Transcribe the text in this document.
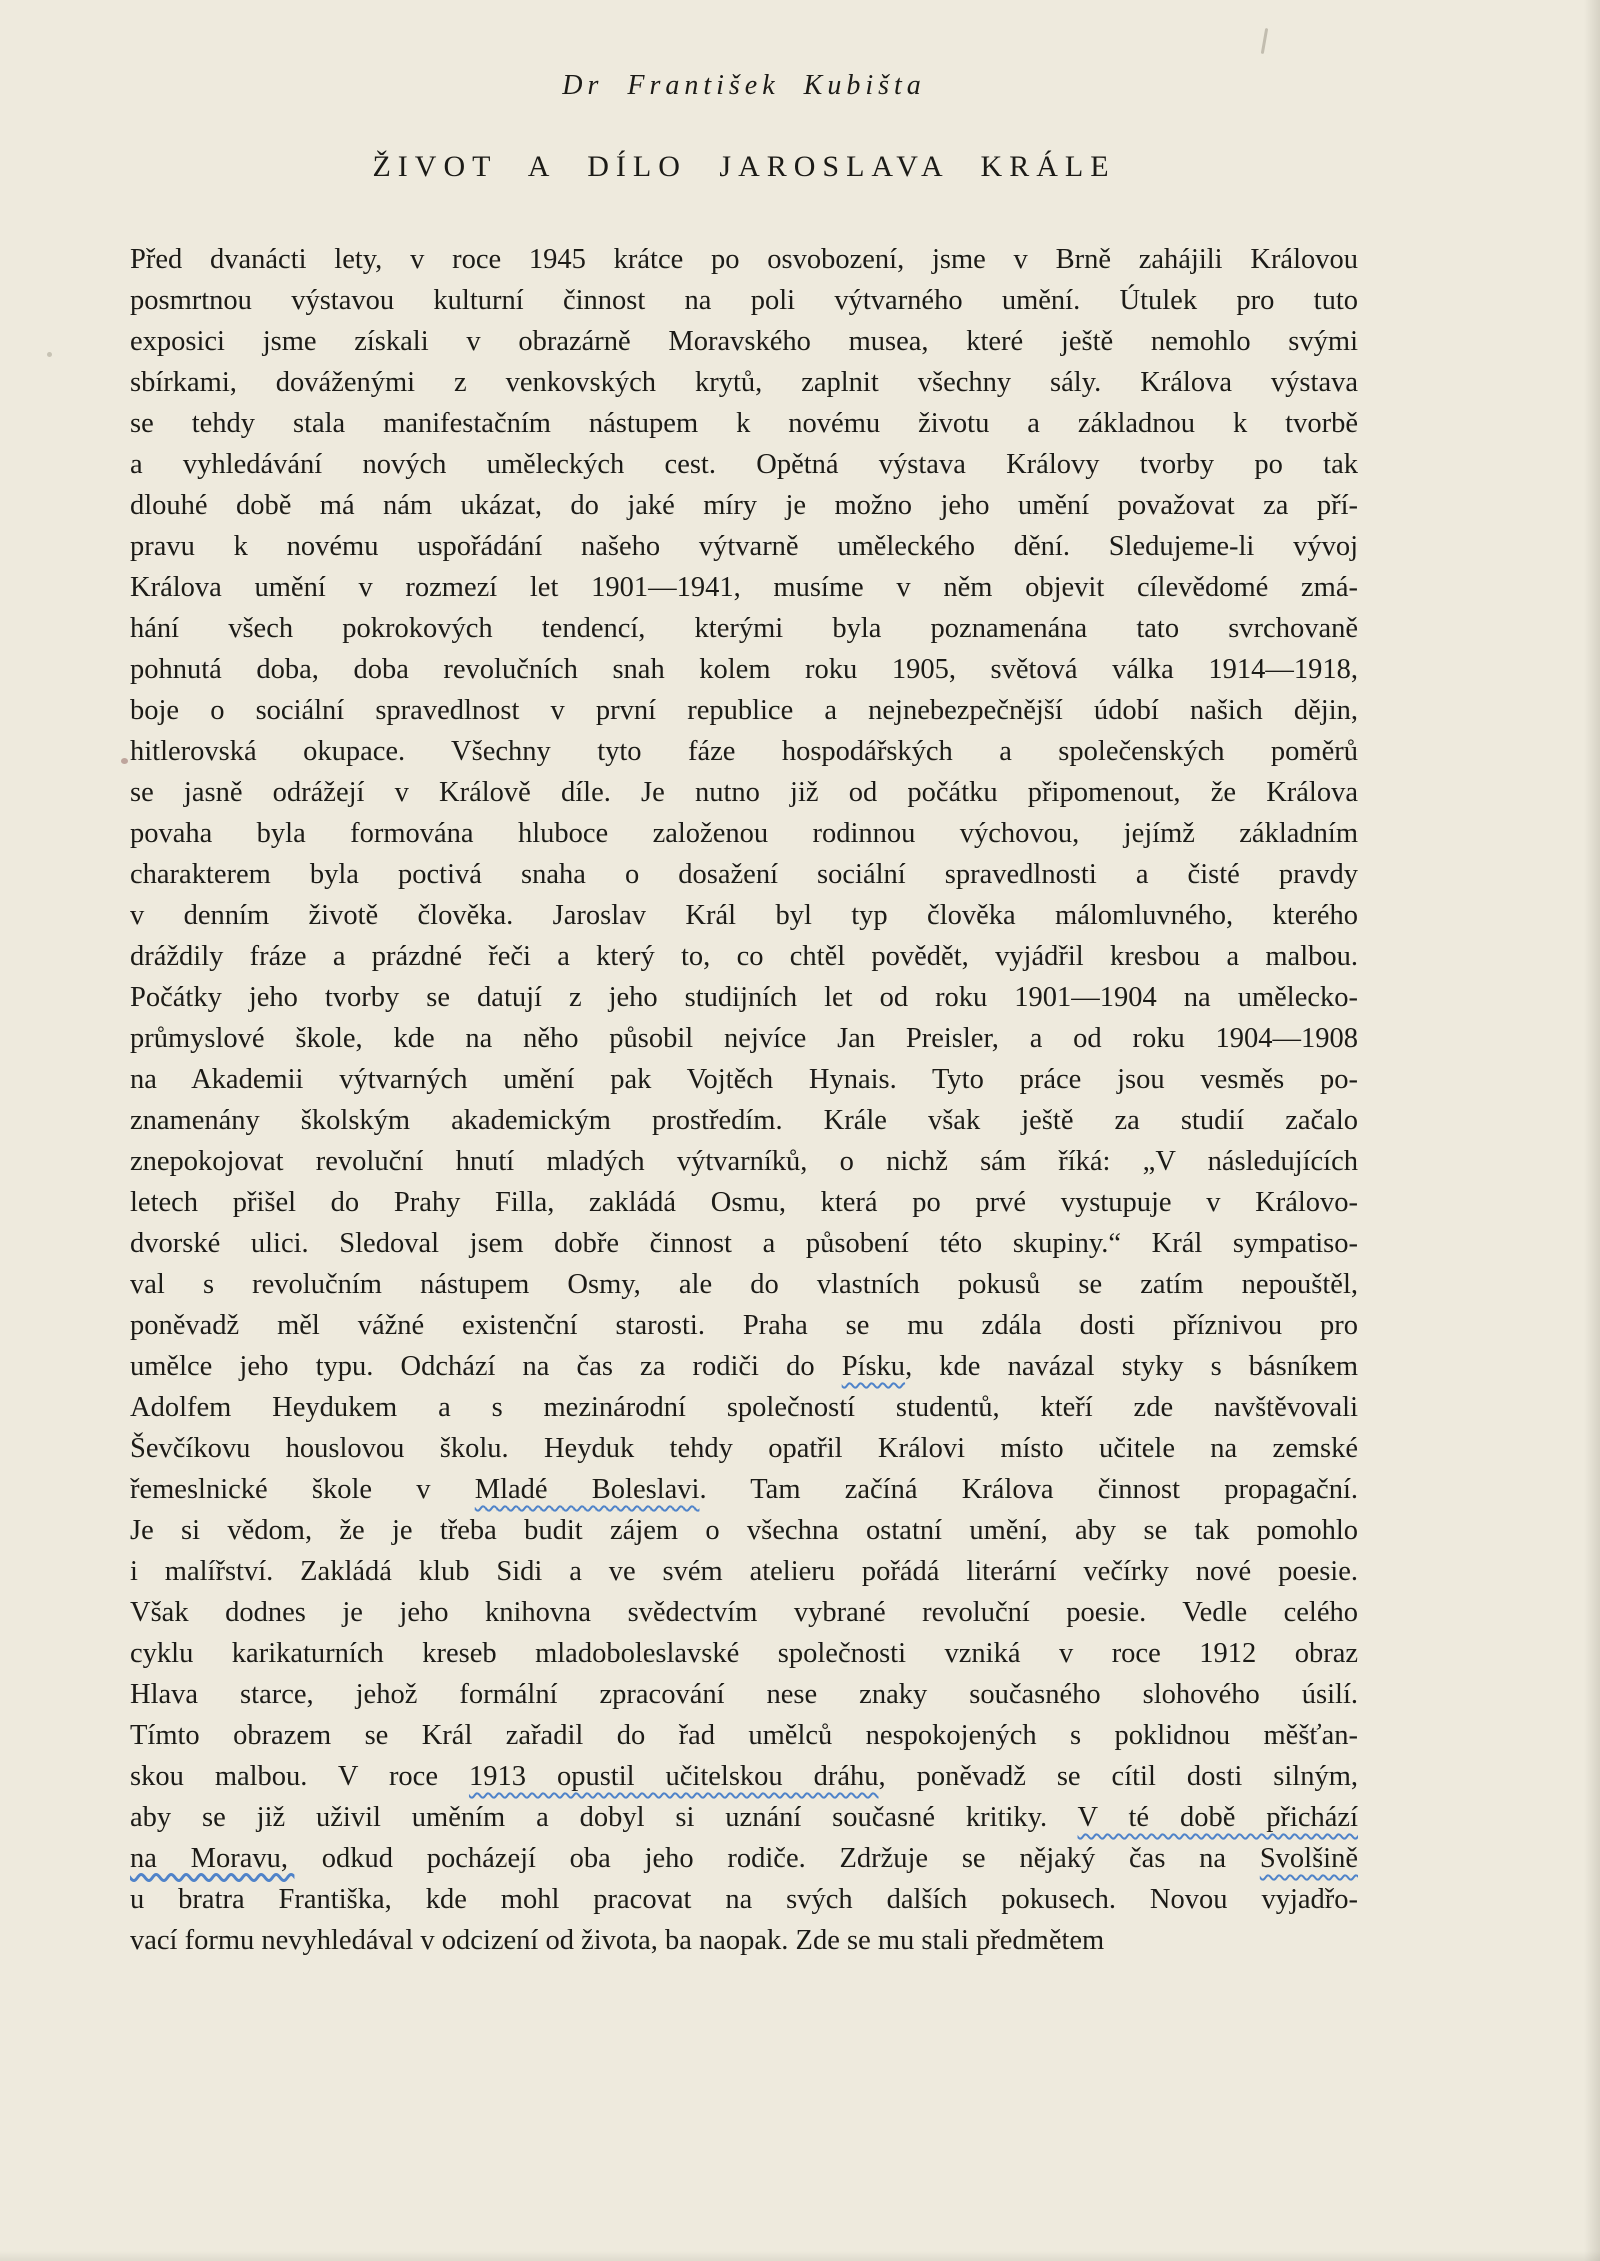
Dr František Kubišta
ŽIVOT A DÍLO JAROSLAVA KRÁLE
Před dvanácti lety, v roce 1945 krátce po osvobození, jsme v Brně zahájili Královou
posmrtnou výstavou kulturní činnost na poli výtvarného umění. Útulek pro tuto
exposici jsme získali v obrazárně Moravského musea, které ještě nemohlo svými
sbírkami, dováženými z venkovských krytů, zaplnit všechny sály. Králova výstava
se tehdy stala manifestačním nástupem k novému životu a základnou k tvorbě
a vyhledávání nových uměleckých cest. Opětná výstava Královy tvorby po tak
dlouhé době má nám ukázat, do jaké míry je možno jeho umění považovat za pří-
pravu k novému uspořádání našeho výtvarně uměleckého dění. Sledujeme-li vývoj
Králova umění v rozmezí let 1901—1941, musíme v něm objevit cílevědomé zmá-
hání všech pokrokových tendencí, kterými byla poznamenána tato svrchovaně
pohnutá doba, doba revolučních snah kolem roku 1905, světová válka 1914—1918,
boje o sociální spravedlnost v první republice a nejnebezpečnější údobí našich dějin,
hitlerovská okupace. Všechny tyto fáze hospodářských a společenských poměrů
se jasně odrážejí v Králově díle. Je nutno již od počátku připomenout, že Králova
povaha byla formována hluboce založenou rodinnou výchovou, jejímž základním
charakterem byla poctivá snaha o dosažení sociální spravedlnosti a čisté pravdy
v denním životě člověka. Jaroslav Král byl typ člověka málomluvného, kterého
dráždily fráze a prázdné řeči a který to, co chtěl povědět, vyjádřil kresbou a malbou.
Počátky jeho tvorby se datují z jeho studijních let od roku 1901—1904 na umělecko-
průmyslové škole, kde na něho působil nejvíce Jan Preisler, a od roku 1904—1908
na Akademii výtvarných umění pak Vojtěch Hynais. Tyto práce jsou vesměs po-
znamenány školským akademickým prostředím. Krále však ještě za studií začalo
znepokojovat revoluční hnutí mladých výtvarníků, o nichž sám říká: „V následujících
letech přišel do Prahy Filla, zakládá Osmu, která po prvé vystupuje v Královo-
dvorské ulici. Sledoval jsem dobře činnost a působení této skupiny.“ Král sympatiso-
val s revolučním nástupem Osmy, ale do vlastních pokusů se zatím nepouštěl,
poněvadž měl vážné existenční starosti. Praha se mu zdála dosti příznivou pro
umělce jeho typu. Odchází na čas za rodiči do Písku, kde navázal styky s básníkem
Adolfem Heydukem a s mezinárodní společností studentů, kteří zde navštěvovali
Ševčíkovu houslovou školu. Heyduk tehdy opatřil Královi místo učitele na zemské
řemeslnické škole v Mladé Boleslavi. Tam začíná Králova činnost propagační.
Je si vědom, že je třeba budit zájem o všechna ostatní umění, aby se tak pomohlo
i malířství. Zakládá klub Sidi a ve svém atelieru pořádá literární večírky nové poesie.
Však dodnes je jeho knihovna svědectvím vybrané revoluční poesie. Vedle celého
cyklu karikaturních kreseb mladoboleslavské společnosti vzniká v roce 1912 obraz
Hlava starce, jehož formální zpracování nese znaky současného slohového úsilí.
Tímto obrazem se Král zařadil do řad umělců nespokojených s poklidnou měšťan-
skou malbou. V roce 1913 opustil učitelskou dráhu, poněvadž se cítil dosti silným,
aby se již uživil uměním a dobyl si uznání současné kritiky. V té době přichází
na Moravu, odkud pocházejí oba jeho rodiče. Zdržuje se nějaký čas na Svolšině
u bratra Františka, kde mohl pracovat na svých dalších pokusech. Novou vyjadřo-
vací formu nevyhledával v odcizení od života, ba naopak. Zde se mu stali předmětem
